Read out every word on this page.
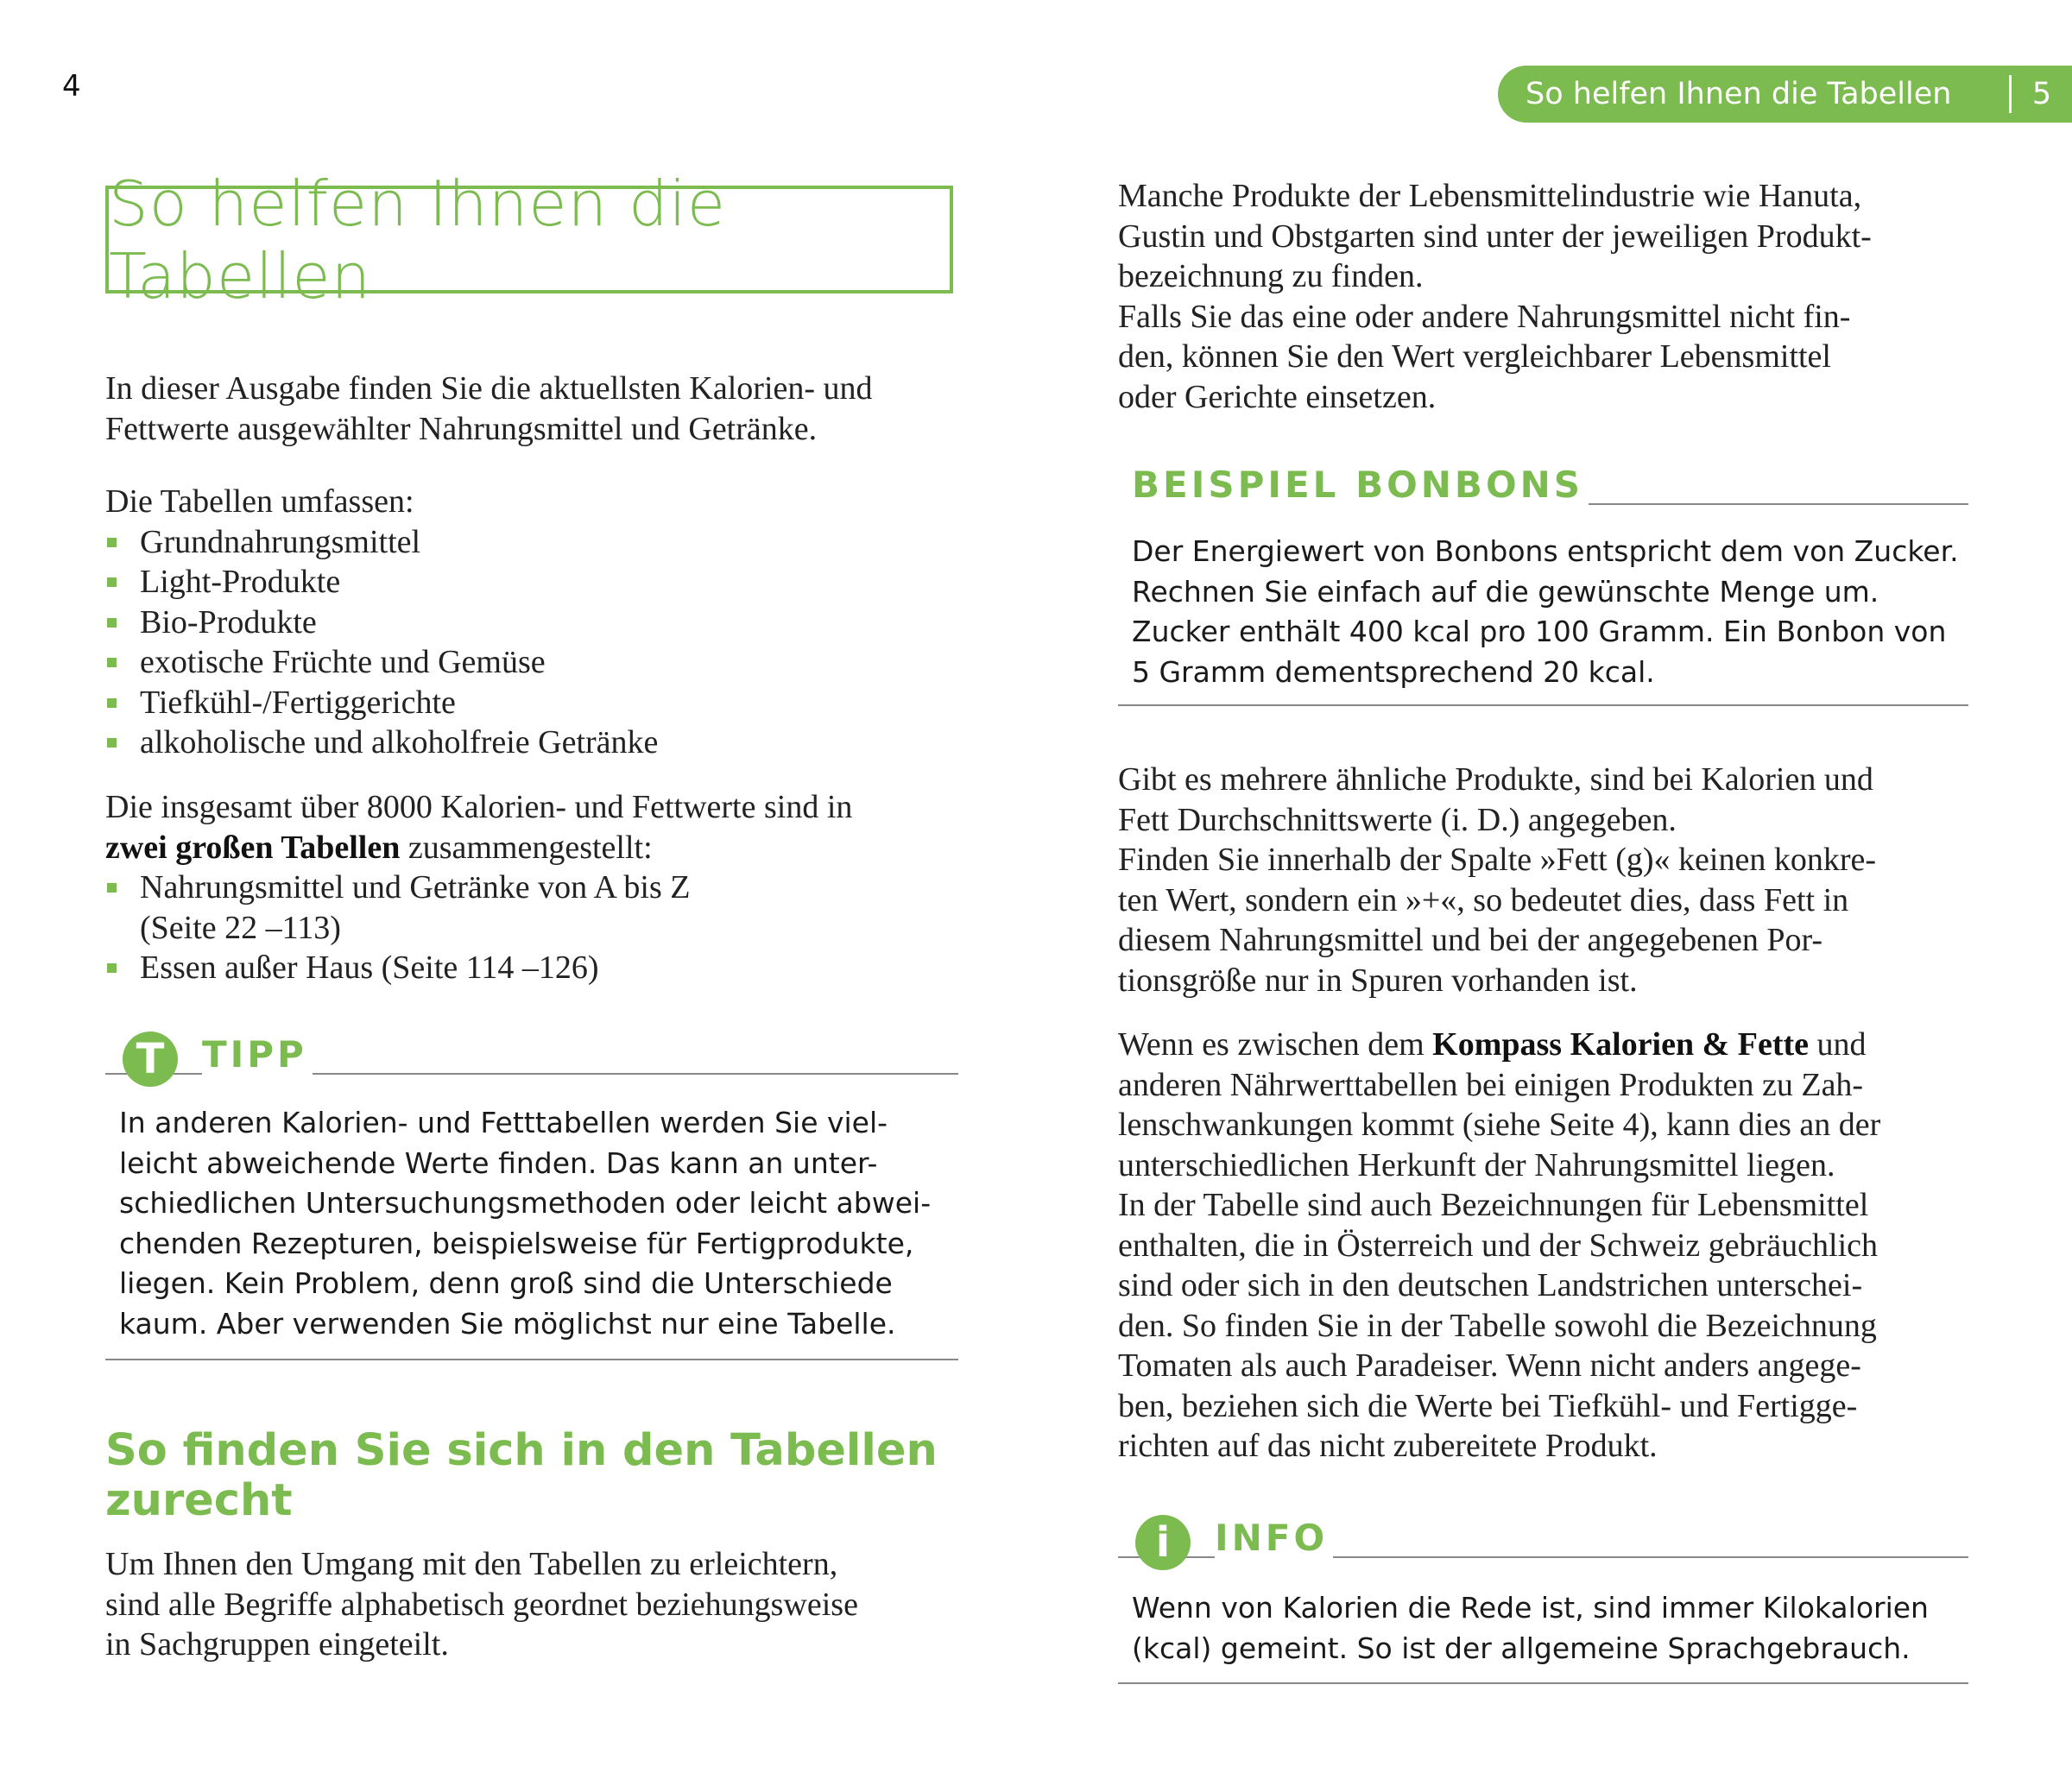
4
So helfen Ihnen die Tabellen

In dieser Ausgabe finden Sie die aktuellsten Kalorien- und
Fettwerte ausgewählter Nahrungsmittel und Getränke.

Die Tabellen umfassen:

Grundnahrungsmittel
Light-Produkte
Bio-Produkte
exotische Früchte und Gemüse
Tiefkühl-/Fertiggerichte
alkoholische und alkoholfreie Getränke

Die insgesamt über 8000 Kalorien- und Fettwerte sind in
zwei großen Tabellen zusammengestellt:

Nahrungsmittel und Getränke von A bis Z
(Seite 22 –113)
Essen außer Haus (Seite 114 –126)
T	TIPP

In anderen Kalorien- und Fetttabellen werden Sie viel-
leicht abweichende Werte finden. Das kann an unter-
schiedlichen Untersuchungsmethoden oder leicht abwei-
chenden Rezepturen, beispielsweise für Fertigprodukte,
liegen. Kein Problem, denn groß sind die Unterschiede
kaum. Aber verwenden Sie möglichst nur eine Tabelle.

So finden Sie sich in den Tabellen
zurecht

Um Ihnen den Umgang mit den Tabellen zu erleichtern,
sind alle Begriffe alphabetisch geordnet beziehungsweise
in Sachgruppen eingeteilt.

So helfen Ihnen die Tabellen	5

Manche Produkte der Lebensmittelindustrie wie Hanuta,
Gustin und Obstgarten sind unter der jeweiligen Produkt-
bezeichnung zu finden.
Falls Sie das eine oder andere Nahrungsmittel nicht fin-
den, können Sie den Wert vergleichbarer Lebensmittel
oder Gerichte einsetzen.

BEISPIEL BONBONS

Der Energiewert von Bonbons entspricht dem von Zucker.
Rechnen Sie einfach auf die gewünschte Menge um.
Zucker enthält 400 kcal pro 100 Gramm. Ein Bonbon von
5 Gramm dementsprechend 20 kcal.

Gibt es mehrere ähnliche Produkte, sind bei Kalorien und
Fett Durchschnittswerte (i. D.) angegeben.
Finden Sie innerhalb der Spalte »Fett (g)« keinen konkre-
ten Wert, sondern ein »+«, so bedeutet dies, dass Fett in
diesem Nahrungsmittel und bei der angegebenen Por-
tionsgröße nur in Spuren vorhanden ist.

Wenn es zwischen dem Kompass Kalorien & Fette und
anderen Nährwerttabellen bei einigen Produkten zu Zah-
lenschwankungen kommt (siehe Seite 4), kann dies an der
unterschiedlichen Herkunft der Nahrungsmittel liegen.
In der Tabelle sind auch Bezeichnungen für Lebensmittel
enthalten, die in Österreich und der Schweiz gebräuchlich
sind oder sich in den deutschen Landstrichen unterschei-
den. So finden Sie in der Tabelle sowohl die Bezeichnung
Tomaten als auch Paradeiser. Wenn nicht anders angege-
ben, beziehen sich die Werte bei Tiefkühl- und Fertigge-
richten auf das nicht zubereitete Produkt.

i	INFO

Wenn von Kalorien die Rede ist, sind immer Kilokalorien
(kcal) gemeint. So ist der allgemeine Sprachgebrauch.
